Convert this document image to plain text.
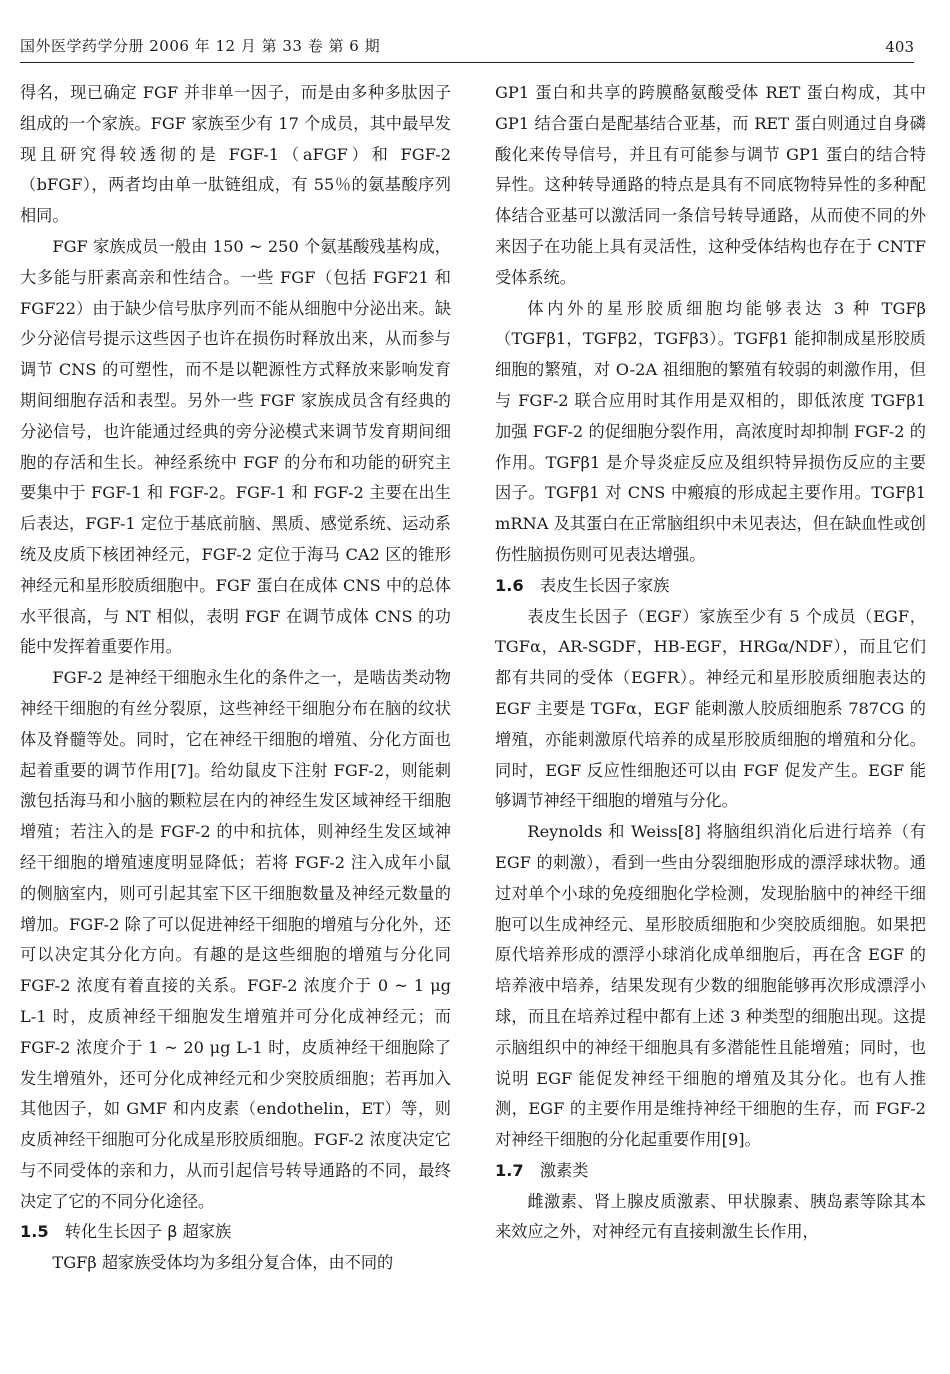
国外医学药学分册 2006 年 12 月 第 33 卷 第 6 期	403

得名，现已确定 FGF 并非单一因子，而是由多种多肽因子组成的一个家族。FGF 家族至少有 17 个成员，其中最早发现且研究得较透彻的是 FGF-1（aFGF）和 FGF-2（bFGF），两者均由单一肽链组成，有 55％的氨基酸序列相同。

FGF 家族成员一般由 150 ~ 250 个氨基酸残基构成，大多能与肝素高亲和性结合。一些 FGF（包括 FGF21 和 FGF22）由于缺少信号肽序列而不能从细胞中分泌出来。缺少分泌信号提示这些因子也许在损伤时释放出来，从而参与调节 CNS 的可塑性，而不是以靶源性方式释放来影响发育期间细胞存活和表型。另外一些 FGF 家族成员含有经典的分泌信号，也许能通过经典的旁分泌模式来调节发育期间细胞的存活和生长。神经系统中 FGF 的分布和功能的研究主要集中于 FGF-1 和 FGF-2。FGF-1 和 FGF-2 主要在出生后表达，FGF-1 定位于基底前脑、黑质、感觉系统、运动系统及皮质下核团神经元，FGF-2 定位于海马 CA2 区的锥形神经元和星形胶质细胞中。FGF 蛋白在成体 CNS 中的总体水平很高，与 NT 相似，表明 FGF 在调节成体 CNS 的功能中发挥着重要作用。

FGF-2 是神经干细胞永生化的条件之一，是啮齿类动物神经干细胞的有丝分裂原，这些神经干细胞分布在脑的纹状体及脊髓等处。同时，它在神经干细胞的增殖、分化方面也起着重要的调节作用[7]。给幼鼠皮下注射 FGF-2，则能刺激包括海马和小脑的颗粒层在内的神经生发区域神经干细胞增殖；若注入的是 FGF-2 的中和抗体，则神经生发区域神经干细胞的增殖速度明显降低；若将 FGF-2 注入成年小鼠的侧脑室内，则可引起其室下区干细胞数量及神经元数量的增加。FGF-2 除了可以促进神经干细胞的增殖与分化外，还可以决定其分化方向。有趣的是这些细胞的增殖与分化同 FGF-2 浓度有着直接的关系。FGF-2 浓度介于 0 ~ 1 μg L-1 时，皮质神经干细胞发生增殖并可分化成神经元；而 FGF-2 浓度介于 1 ~ 20 μg L-1 时，皮质神经干细胞除了发生增殖外，还可分化成神经元和少突胶质细胞；若再加入其他因子，如 GMF 和内皮素（endothelin，ET）等，则皮质神经干细胞可分化成星形胶质细胞。FGF-2 浓度决定它与不同受体的亲和力，从而引起信号转导通路的不同，最终决定了它的不同分化途径。

1.5 转化生长因子 β 超家族

TGFβ 超家族受体均为多组分复合体，由不同的

GP1 蛋白和共享的跨膜酪氨酸受体 RET 蛋白构成，其中 GP1 结合蛋白是配基结合亚基，而 RET 蛋白则通过自身磷酸化来传导信号，并且有可能参与调节 GP1 蛋白的结合特异性。这种转导通路的特点是具有不同底物特异性的多种配体结合亚基可以激活同一条信号转导通路，从而使不同的外来因子在功能上具有灵活性，这种受体结构也存在于 CNTF 受体系统。

体内外的星形胶质细胞均能够表达 3 种 TGFβ（TGFβ1，TGFβ2，TGFβ3）。TGFβ1 能抑制成星形胶质细胞的繁殖，对 O-2A 祖细胞的繁殖有较弱的刺激作用，但与 FGF-2 联合应用时其作用是双相的，即低浓度 TGFβ1 加强 FGF-2 的促细胞分裂作用，高浓度时却抑制 FGF-2 的作用。TGFβ1 是介导炎症反应及组织特异损伤反应的主要因子。TGFβ1 对 CNS 中瘢痕的形成起主要作用。TGFβ1 mRNA 及其蛋白在正常脑组织中未见表达，但在缺血性或创伤性脑损伤则可见表达增强。

1.6 表皮生长因子家族

表皮生长因子（EGF）家族至少有 5 个成员（EGF，TGFα，AR-SGDF，HB-EGF，HRGα/NDF），而且它们都有共同的受体（EGFR）。神经元和星形胶质细胞表达的 EGF 主要是 TGFα，EGF 能刺激人胶质细胞系 787CG 的增殖，亦能刺激原代培养的成星形胶质细胞的增殖和分化。同时，EGF 反应性细胞还可以由 FGF 促发产生。EGF 能够调节神经干细胞的增殖与分化。

Reynolds 和 Weiss[8] 将脑组织消化后进行培养（有 EGF 的刺激），看到一些由分裂细胞形成的漂浮球状物。通过对单个小球的免疫细胞化学检测，发现胎脑中的神经干细胞可以生成神经元、星形胶质细胞和少突胶质细胞。如果把原代培养形成的漂浮小球消化成单细胞后，再在含 EGF 的培养液中培养，结果发现有少数的细胞能够再次形成漂浮小球，而且在培养过程中都有上述 3 种类型的细胞出现。这提示脑组织中的神经干细胞具有多潜能性且能增殖；同时，也说明 EGF 能促发神经干细胞的增殖及其分化。也有人推测，EGF 的主要作用是维持神经干细胞的生存，而 FGF-2 对神经干细胞的分化起重要作用[9]。

1.7 激素类

雌激素、肾上腺皮质激素、甲状腺素、胰岛素等除其本来效应之外，对神经元有直接刺激生长作用，
